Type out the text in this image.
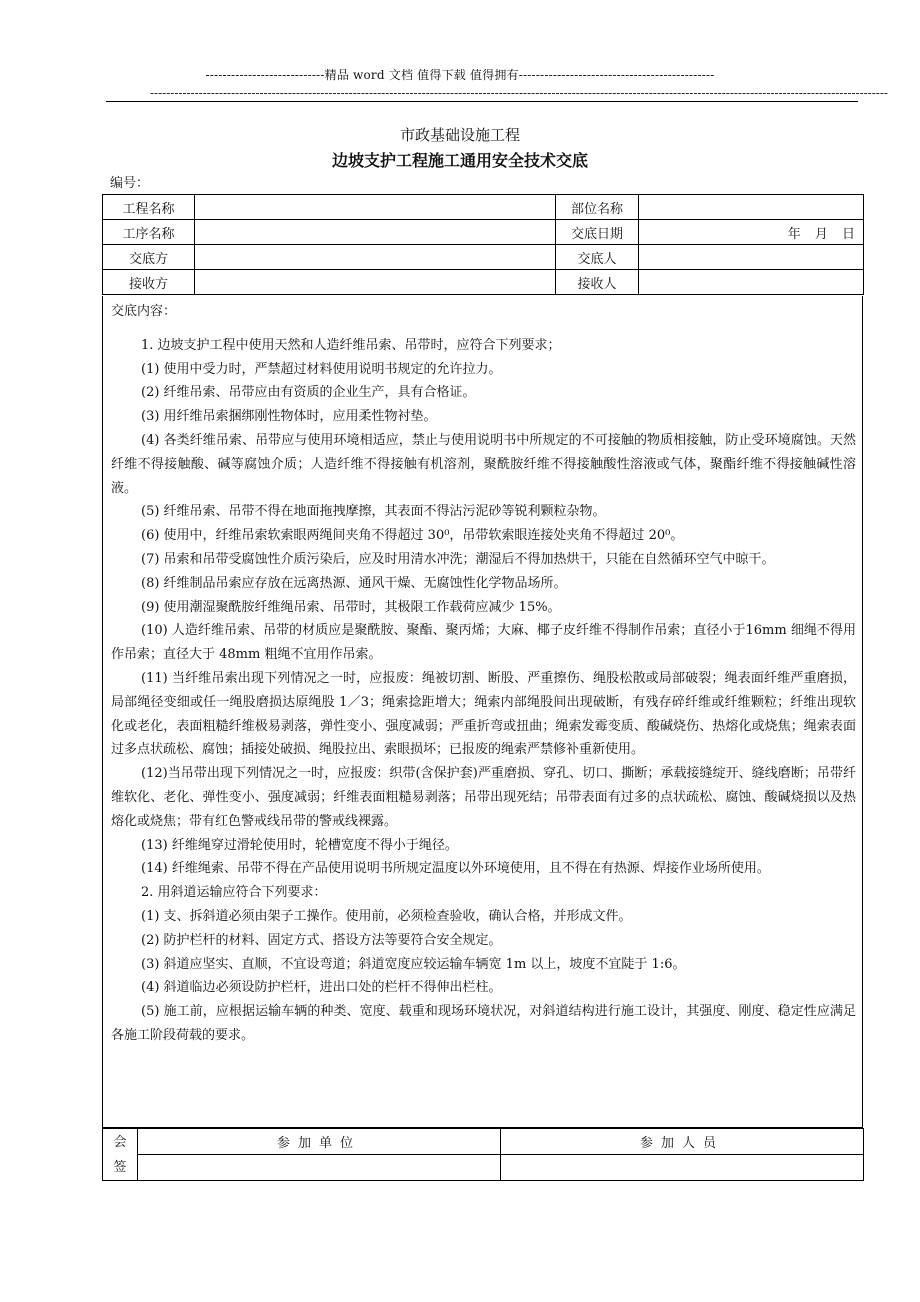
----------------------------精品 word 文档 值得下载 值得拥有----------------------------------------------
--------------------------------------------------------------------------------------------------------------------------------------------------------------------------------------
市政基础设施工程
边坡支护工程施工通用安全技术交底
编号：
工程名称		部位名称	
工序名称		交底日期	年 月 日
交底方		交底人	
接收方		接收人	
交底内容：

1. 边坡支护工程中使用天然和人造纤维吊索、吊带时，应符合下列要求；

(1) 使用中受力时，严禁超过材料使用说明书规定的允许拉力。

(2) 纤维吊索、吊带应由有资质的企业生产，具有合格证。

(3) 用纤维吊索捆绑刚性物体时，应用柔性物衬垫。

(4) 各类纤维吊索、吊带应与使用环境相适应，禁止与使用说明书中所规定的不可接触的物质相接触，防止受环境腐蚀。天然纤维不得接触酸、碱等腐蚀介质；人造纤维不得接触有机溶剂，聚酰胺纤维不得接触酸性溶液或气体，聚酯纤维不得接触碱性溶液。

(5) 纤维吊索、吊带不得在地面拖拽摩擦，其表面不得沾污泥砂等锐利颗粒杂物。

(6) 使用中，纤维吊索软索眼两绳间夹角不得超过 30⁰，吊带软索眼连接处夹角不得超过 20⁰。

(7) 吊索和吊带受腐蚀性介质污染后，应及时用清水冲洗；潮湿后不得加热烘干，只能在自然循环空气中晾干。

(8) 纤维制品吊索应存放在远离热源、通风干燥、无腐蚀性化学物品场所。

(9) 使用潮湿聚酰胺纤维绳吊索、吊带时，其极限工作载荷应减少 15%。

(10) 人造纤维吊索、吊带的材质应是聚酰胺、聚酯、聚丙烯；大麻、椰子皮纤维不得制作吊索；直径小于16mm 细绳不得用作吊索；直径大于 48mm 粗绳不宜用作吊索。

(11) 当纤维吊索出现下列情况之一时，应报废：绳被切割、断股、严重擦伤、绳股松散或局部破裂；绳表面纤维严重磨损，局部绳径变细或任一绳股磨损达原绳股 1／3；绳索捻距增大；绳索内部绳股间出现破断，有残存碎纤维或纤维颗粒；纤维出现软化或老化，表面粗糙纤维极易剥落，弹性变小、强度减弱；严重折弯或扭曲；绳索发霉变质、酸碱烧伤、热熔化或烧焦；绳索表面过多点状疏松、腐蚀；插接处破损、绳股拉出、索眼损坏；已报废的绳索严禁修补重新使用。

(12)当吊带出现下列情况之一时，应报废：织带(含保护套)严重磨损、穿孔、切口、撕断；承载接缝绽开、缝线磨断；吊带纤维软化、老化、弹性变小、强度减弱；纤维表面粗糙易剥落；吊带出现死结；吊带表面有过多的点状疏松、腐蚀、酸碱烧损以及热熔化或烧焦；带有红色警戒线吊带的警戒线裸露。

(13) 纤维绳穿过滑轮使用时，轮槽宽度不得小于绳径。

(14) 纤维绳索、吊带不得在产品使用说明书所规定温度以外环境使用，且不得在有热源、焊接作业场所使用。

2. 用斜道运输应符合下列要求：

(1) 支、拆斜道必须由架子工操作。使用前，必须检查验收，确认合格，并形成文件。

(2) 防护栏杆的材料、固定方式、搭设方法等要符合安全规定。

(3) 斜道应坚实、直顺，不宜设弯道；斜道宽度应较运输车辆宽 1m 以上，坡度不宜陡于 1:6。

(4) 斜道临边必须设防护栏杆，进出口处的栏杆不得伸出栏柱。

(5) 施工前，应根据运输车辆的种类、宽度、载重和现场环境状况，对斜道结构进行施工设计，其强度、刚度、稳定性应满足各施工阶段荷载的要求。

会
签	参加单位	参加人员
